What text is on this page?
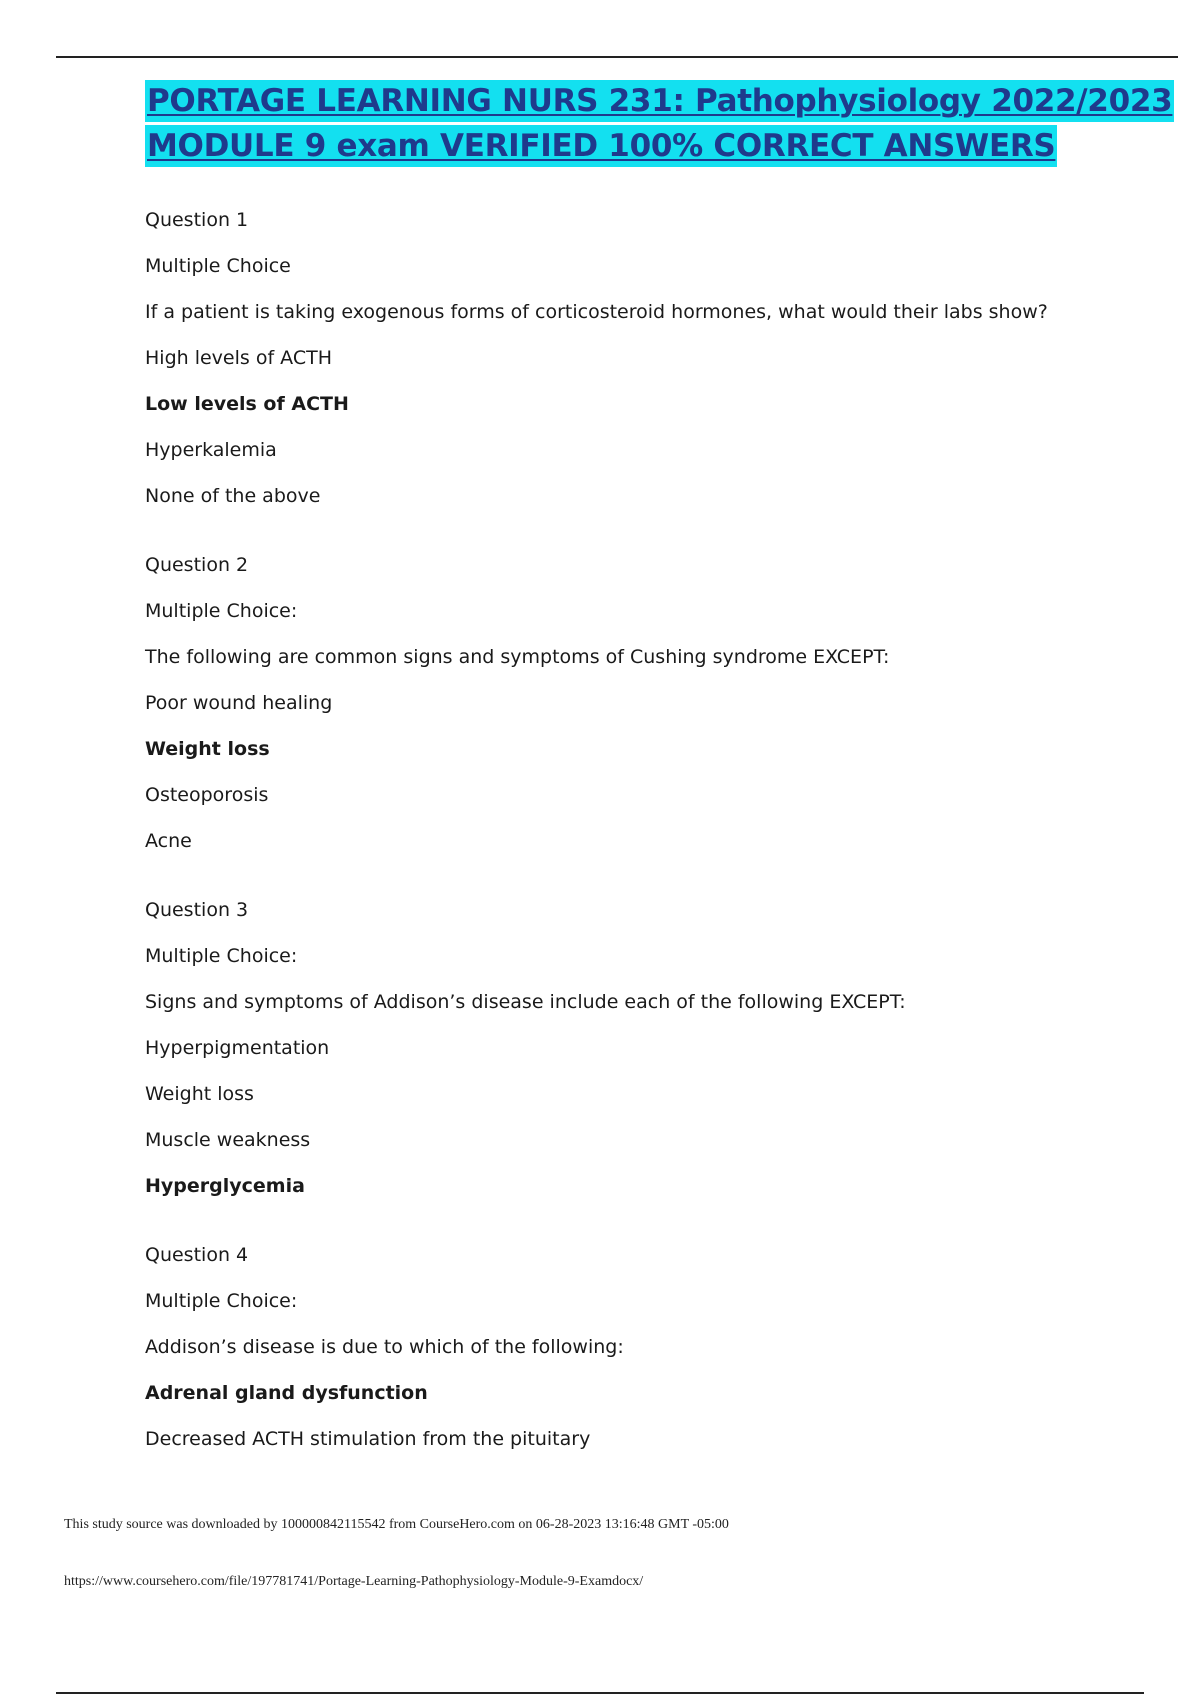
PORTAGE LEARNING NURS 231: Pathophysiology 2022/2023
MODULE 9 exam VERIFIED 100% CORRECT ANSWERS
Question 1
Multiple Choice
If a patient is taking exogenous forms of corticosteroid hormones, what would their labs show?
High levels of ACTH
Low levels of ACTH
Hyperkalemia
None of the above
Question 2
Multiple Choice:
The following are common signs and symptoms of Cushing syndrome EXCEPT:
Poor wound healing
Weight loss
Osteoporosis
Acne
Question 3
Multiple Choice:
Signs and symptoms of Addison’s disease include each of the following EXCEPT:
Hyperpigmentation
Weight loss
Muscle weakness
Hyperglycemia
Question 4
Multiple Choice:
Addison’s disease is due to which of the following:
Adrenal gland dysfunction
Decreased ACTH stimulation from the pituitary
This study source was downloaded by 100000842115542 from CourseHero.com on 06-28-2023 13:16:48 GMT -05:00
https://www.coursehero.com/file/197781741/Portage-Learning-Pathophysiology-Module-9-Examdocx/
